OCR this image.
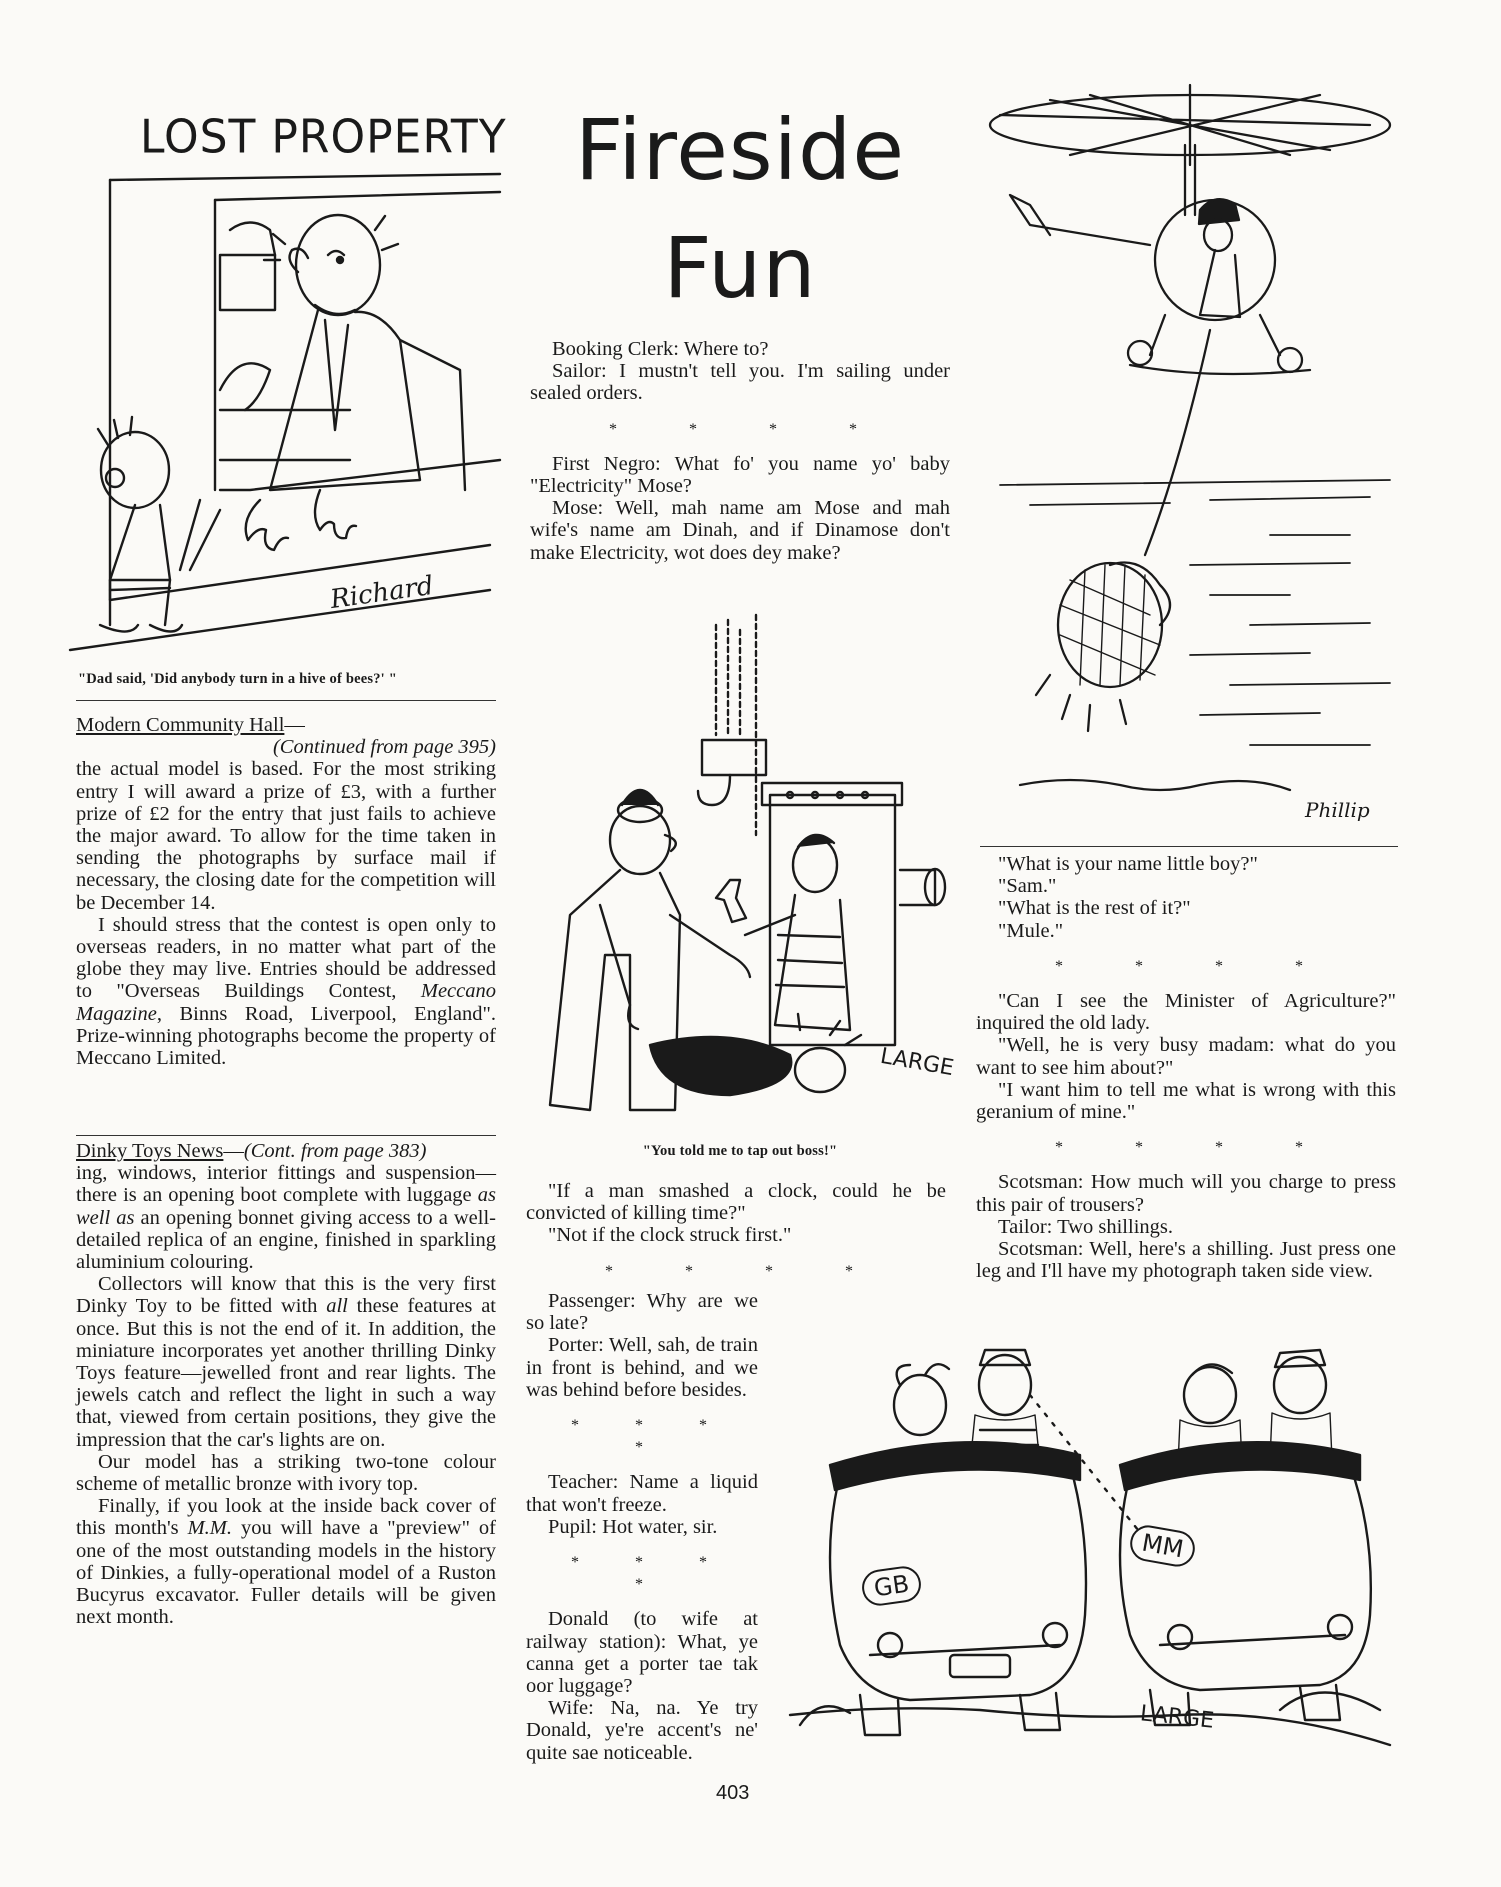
Fireside
Fun
LOST PROPERTY
Richard
"Dad said, 'Did anybody turn in a hive of bees?' "
Modern Community Hall—
(Continued from page 395)

the actual model is based. For the most striking entry I will award a prize of £3, with a further prize of £2 for the entry that just fails to achieve the major award. To allow for the time taken in sending the photographs by surface mail if necessary, the closing date for the competition will be December 14.

I should stress that the contest is open only to overseas readers, in no matter what part of the globe they may live. Entries should be addressed to "Overseas Buildings Contest, Meccano Magazine, Binns Road, Liverpool, England". Prize-winning photographs become the property of Meccano Limited.

Dinky Toys News—(Cont. from page 383)

ing, windows, interior fittings and suspension—there is an opening boot complete with luggage as well as an opening bonnet giving access to a well-detailed replica of an engine, finished in sparkling aluminium colouring.

Collectors will know that this is the very first Dinky Toy to be fitted with all these features at once. But this is not the end of it. In addition, the miniature incorporates yet another thrilling Dinky Toys feature—jewelled front and rear lights. The jewels catch and reflect the light in such a way that, viewed from certain positions, they give the impression that the car's lights are on.

Our model has a striking two-tone colour scheme of metallic bronze with ivory top.

Finally, if you look at the inside back cover of this month's M.M. you will have a "preview" of one of the most outstanding models in the history of Dinkies, a fully-operational model of a Ruston Bucyrus excavator. Fuller details will be given next month.

Booking Clerk: Where to?

Sailor: I mustn't tell you. I'm sailing under sealed orders.

* * * *

First Negro: What fo' you name yo' baby "Electricity" Mose?

Mose: Well, mah name am Mose and mah wife's name am Dinah, and if Dinamose don't make Electricity, wot does dey make?

LARGE
"You told me to tap out boss!"

"If a man smashed a clock, could he be convicted of killing time?"

"Not if the clock struck first."

* * * *

Passenger: Why are we so late?

Porter: Well, sah, de train in front is behind, and we was behind before besides.

* * * *

Teacher: Name a liquid that won't freeze.

Pupil: Hot water, sir.

* * * *

Donald (to wife at railway station): What, ye canna get a porter tae tak oor luggage?

Wife: Na, na. Ye try Donald, ye're accent's ne' quite sae noticeable.

Phillip

"What is your name little boy?"

"Sam."

"What is the rest of it?"

"Mule."

* * * *

"Can I see the Minister of Agriculture?" inquired the old lady.

"Well, he is very busy madam: what do you want to see him about?"

"I want him to tell me what is wrong with this geranium of mine."

* * * *

Scotsman: How much will you charge to press this pair of trousers?

Tailor: Two shillings.

Scotsman: Well, here's a shilling. Just press one leg and I'll have my photograph taken side view.

GB
MM
LARGE
403
